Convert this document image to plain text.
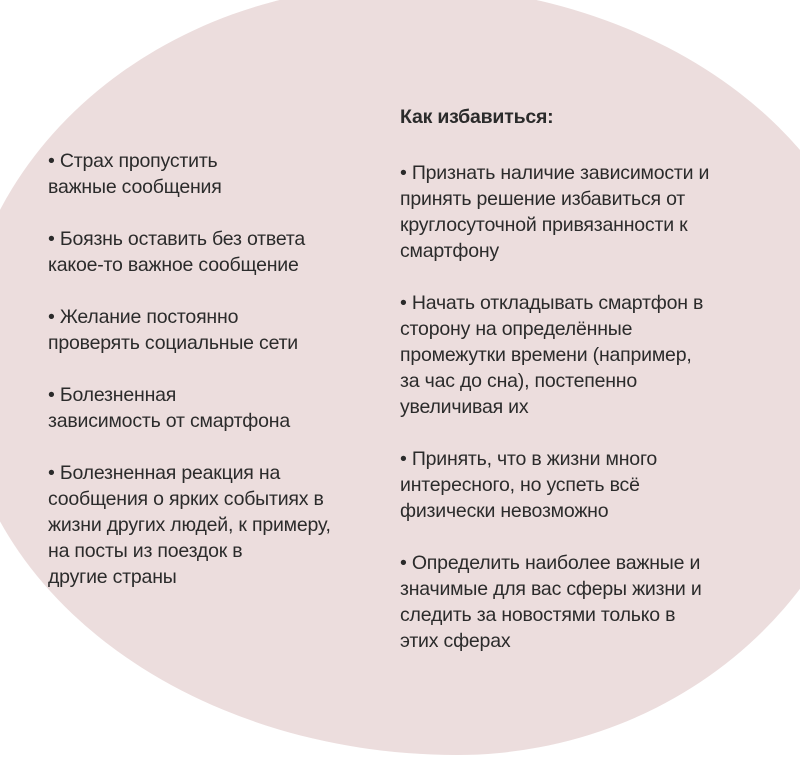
• Страх пропустить
важные сообщения
• Боязнь оставить без ответа
какое-то важное сообщение
• Желание постоянно
проверять социальные сети
• Болезненная
зависимость от смартфона
• Болезненная реакция на
сообщения о ярких событиях в
жизни других людей, к примеру,
на посты из поездок в
другие страны
Как избавиться:
• Признать наличие зависимости и
принять решение избавиться от
круглосуточной привязанности к
смартфону
• Начать откладывать смартфон в
сторону на определённые
промежутки времени (например,
за час до сна), постепенно
увеличивая их
• Принять, что в жизни много
интересного, но успеть всё
физически невозможно
• Определить наиболее важные и
значимые для вас сферы жизни и
следить за новостями только в
этих сферах
